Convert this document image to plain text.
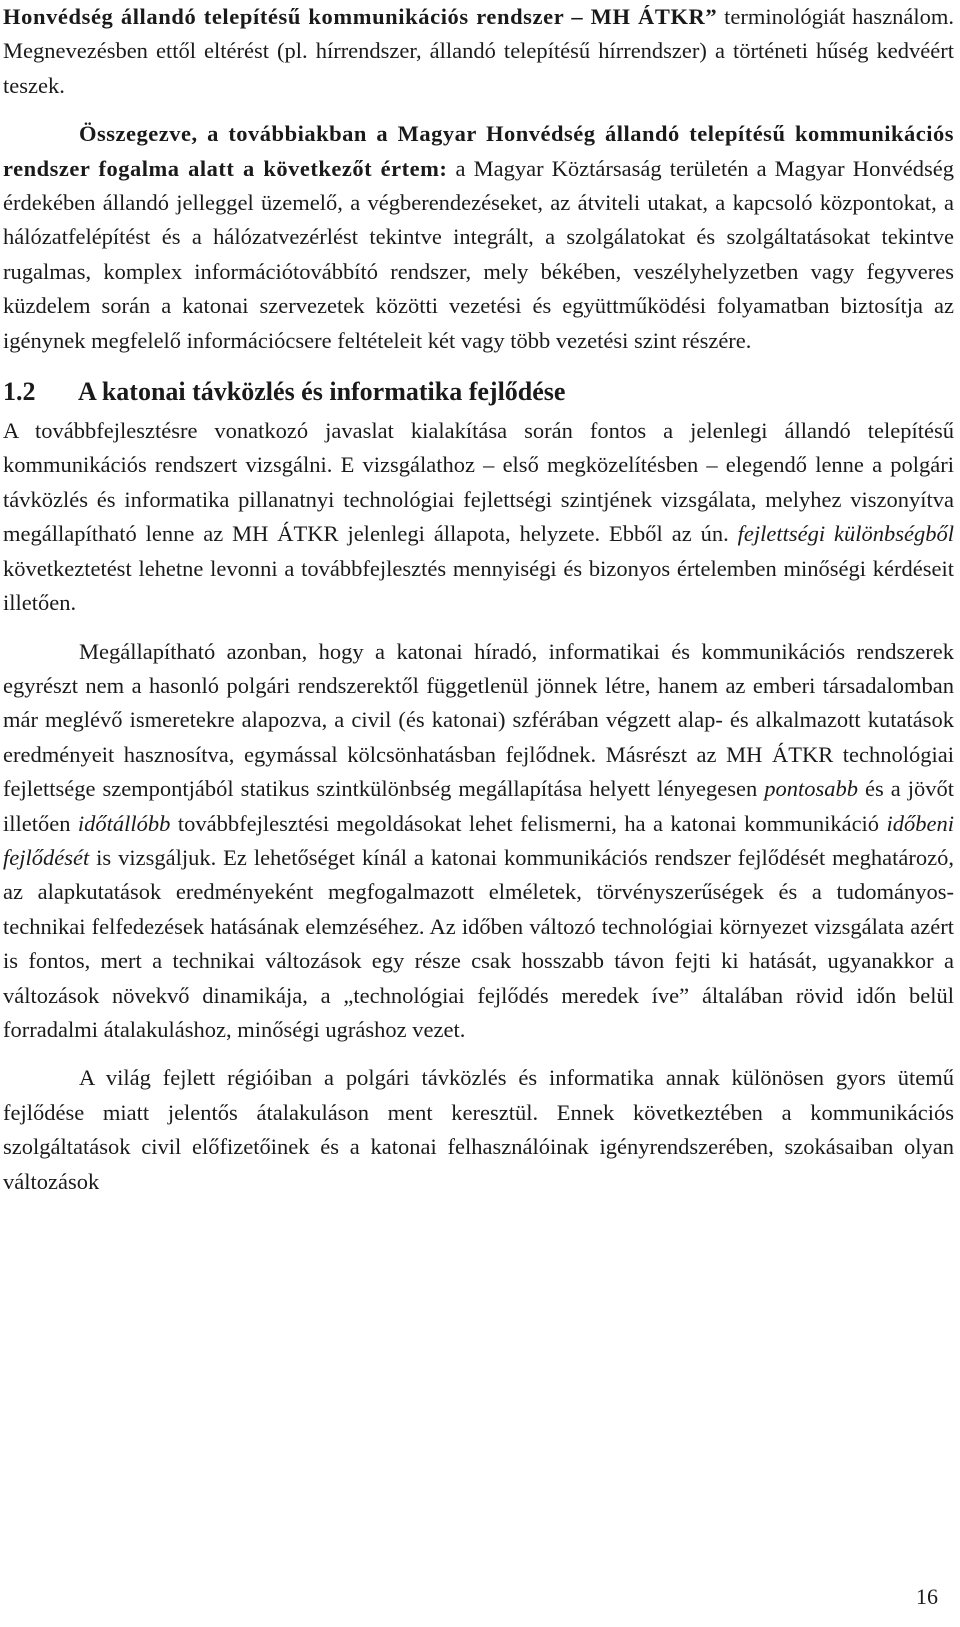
Honvédség állandó telepítésű kommunikációs rendszer – MH ÁTKR” terminológiát használom. Megnevezésben ettől eltérést (pl. hírrendszer, állandó telepítésű hírrendszer) a történeti hűség kedvéért teszek.

Összegezve, a továbbiakban a Magyar Honvédség állandó telepítésű kommunikációs rendszer fogalma alatt a következőt értem: a Magyar Köztársaság területén a Magyar Honvédség érdekében állandó jelleggel üzemelő, a végberendezéseket, az átviteli utakat, a kapcsoló központokat, a hálózatfelépítést és a hálózatvezérlést tekintve integrált, a szolgálatokat és szolgáltatásokat tekintve rugalmas, komplex információtovábbító rendszer, mely békében, veszélyhelyzetben vagy fegyveres küzdelem során a katonai szervezetek közötti vezetési és együttműködési folyamatban biztosítja az igénynek megfelelő információcsere feltételeit két vagy több vezetési szint részére.

1.2 A katonai távközlés és informatika fejlődése

A továbbfejlesztésre vonatkozó javaslat kialakítása során fontos a jelenlegi állandó telepítésű kommunikációs rendszert vizsgálni. E vizsgálathoz – első megközelítésben – elegendő lenne a polgári távközlés és informatika pillanatnyi technológiai fejlettségi szintjének vizsgálata, melyhez viszonyítva megállapítható lenne az MH ÁTKR jelenlegi állapota, helyzete. Ebből az ún. fejlettségi különbségből következtetést lehetne levonni a továbbfejlesztés mennyiségi és bizonyos értelemben minőségi kérdéseit illetően.

Megállapítható azonban, hogy a katonai híradó, informatikai és kommunikációs rendszerek egyrészt nem a hasonló polgári rendszerektől függetlenül jönnek létre, hanem az emberi társadalomban már meglévő ismeretekre alapozva, a civil (és katonai) szférában végzett alap- és alkalmazott kutatások eredményeit hasznosítva, egymással kölcsönhatásban fejlődnek. Másrészt az MH ÁTKR technológiai fejlettsége szempontjából statikus szintkülönbség megállapítása helyett lényegesen pontosabb és a jövőt illetően időtállóbb továbbfejlesztési megoldásokat lehet felismerni, ha a katonai kommunikáció időbeni fejlődését is vizsgáljuk. Ez lehetőséget kínál a katonai kommunikációs rendszer fejlődését meghatározó, az alapkutatások eredményeként megfogalmazott elméletek, törvényszerűségek és a tudományos-technikai felfedezések hatásának elemzéséhez. Az időben változó technológiai környezet vizsgálata azért is fontos, mert a technikai változások egy része csak hosszabb távon fejti ki hatását, ugyanakkor a változások növekvő dinamikája, a „technológiai fejlődés meredek íve” általában rövid időn belül forradalmi átalakuláshoz, minőségi ugráshoz vezet.

A világ fejlett régióiban a polgári távközlés és informatika annak különösen gyors ütemű fejlődése miatt jelentős átalakuláson ment keresztül. Ennek következtében a kommunikációs szolgáltatások civil előfizetőinek és a katonai felhasználóinak igényrendszerében, szokásaiban olyan változások

16
